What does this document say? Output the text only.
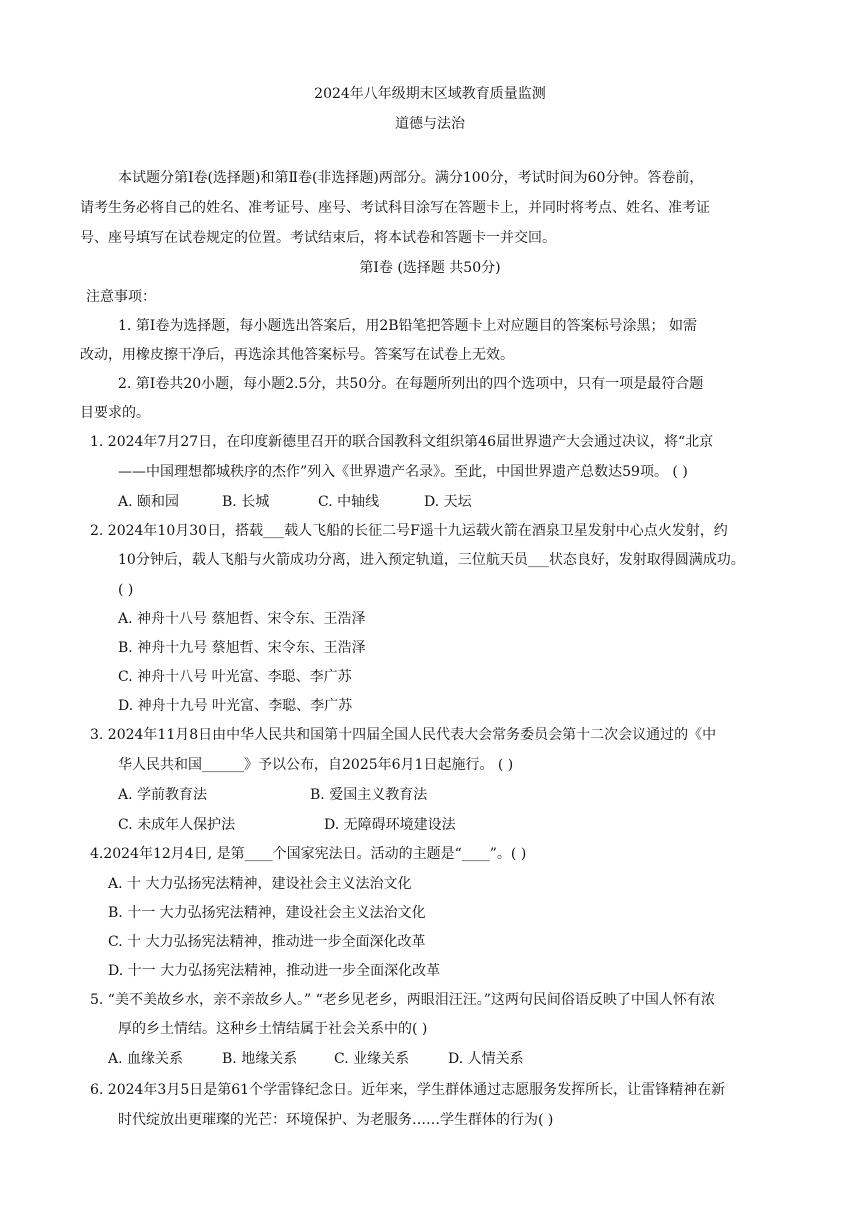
2024年八年级期末区域教育质量监测
道德与法治
本试题分第Ⅰ卷(选择题)和第Ⅱ卷(非选择题)两部分。满分100分，考试时间为60分钟。答卷前，
请考生务必将自己的姓名、准考证号、座号、考试科目涂写在答题卡上，并同时将考点、姓名、准考证
号、座号填写在试卷规定的位置。考试结束后，将本试卷和答题卡一并交回。
第Ⅰ卷 (选择题 共50分)
注意事项：
1. 第Ⅰ卷为选择题，每小题选出答案后，用2B铅笔把答题卡上对应题目的答案标号涂黑； 如需
改动，用橡皮擦干净后，再选涂其他答案标号。答案写在试卷上无效。
2. 第Ⅰ卷共20小题，每小题2.5分，共50分。在每题所列出的四个选项中，只有一项是最符合题
目要求的。
1. 2024年7月27日，在印度新德里召开的联合国教科文组织第46届世界遗产大会通过决议，将“北京
——中国理想都城秩序的杰作”列入《世界遗产名录》。至此，中国世界遗产总数达59项。 ( )
A. 颐和园	B. 长城	C. 中轴线	D. 天坛
2. 2024年10月30日，搭载___载人飞船的长征二号F遥十九运载火箭在酒泉卫星发射中心点火发射，约
10分钟后，载人飞船与火箭成功分离，进入预定轨道，三位航天员___状态良好，发射取得圆满成功。
( )
A. 神舟十八号 蔡旭哲、宋令东、王浩泽
B. 神舟十九号 蔡旭哲、宋令东、王浩泽
C. 神舟十八号 叶光富、李聪、李广苏
D. 神舟十九号 叶光富、李聪、李广苏
3. 2024年11月8日由中华人民共和国第十四届全国人民代表大会常务委员会第十二次会议通过的《中
华人民共和国______》予以公布，自2025年6月1日起施行。 ( )
A. 学前教育法	B. 爱国主义教育法
C. 未成年人保护法	D. 无障碍环境建设法
4.2024年12月4日, 是第____个国家宪法日。活动的主题是“____”。( )
A. 十 大力弘扬宪法精神，建设社会主义法治文化
B. 十一 大力弘扬宪法精神，建设社会主义法治文化
C. 十 大力弘扬宪法精神，推动进一步全面深化改革
D. 十一 大力弘扬宪法精神，推动进一步全面深化改革
5. “美不美故乡水，亲不亲故乡人。” “老乡见老乡，两眼泪汪汪。”这两句民间俗语反映了中国人怀有浓
厚的乡土情结。这种乡土情结属于社会关系中的( )
A. 血缘关系	B. 地缘关系	C. 业缘关系	D. 人情关系
6. 2024年3月5日是第61个学雷锋纪念日。近年来，学生群体通过志愿服务发挥所长，让雷锋精神在新
时代绽放出更璀璨的光芒：环境保护、为老服务……学生群体的行为( )
